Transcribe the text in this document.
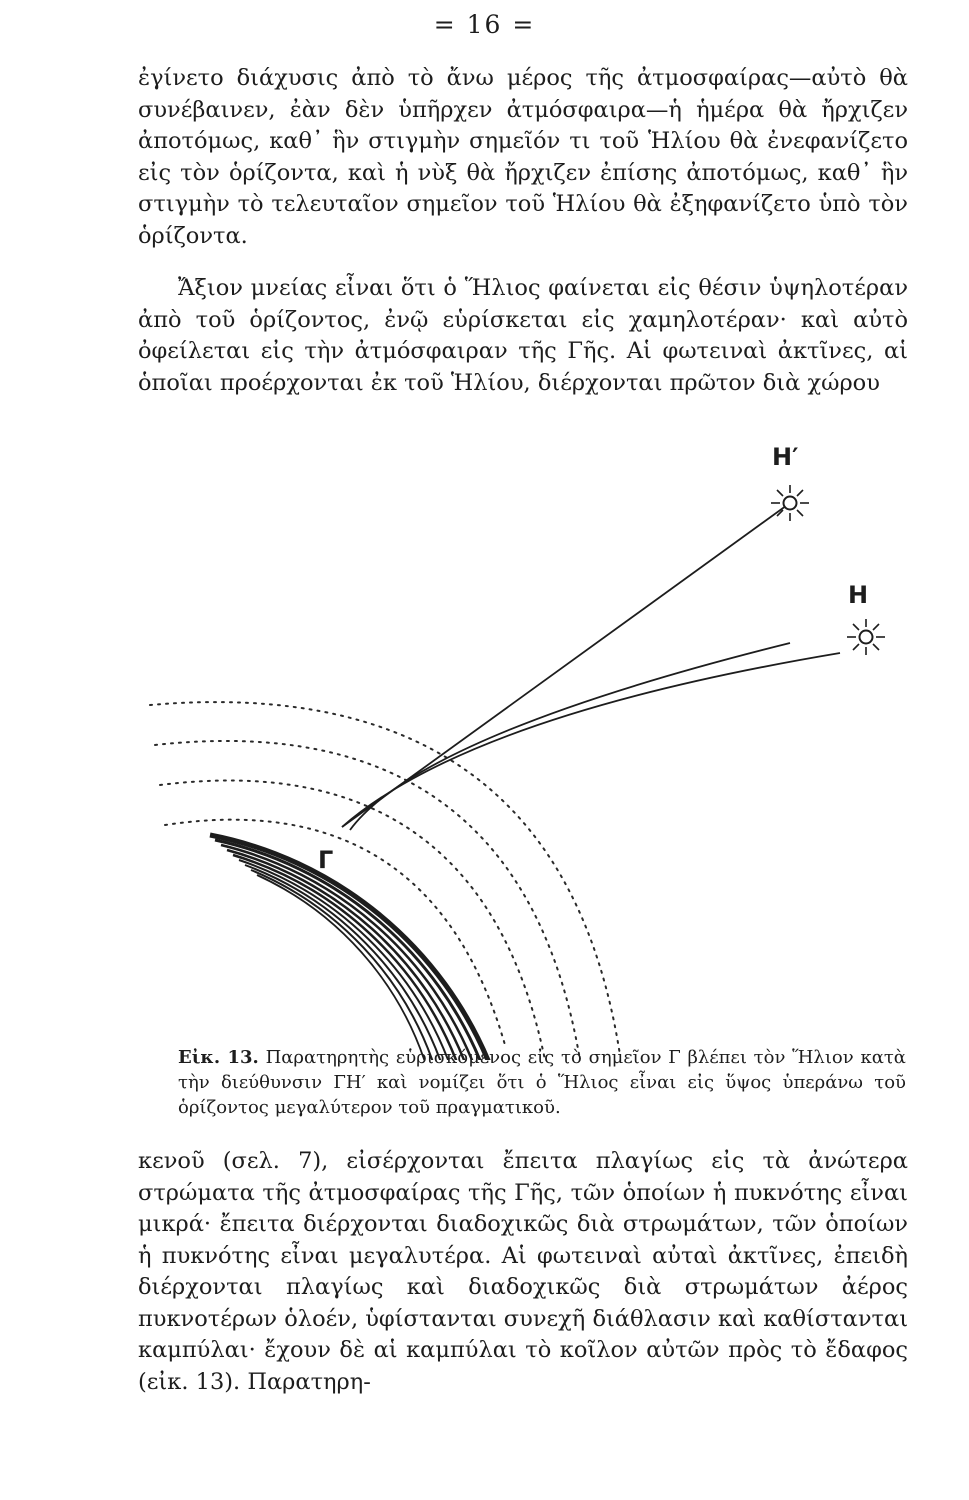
= 16 =

ἐγίνετο διάχυσις ἀπὸ τὸ ἄνω μέρος τῆς ἀτμοσφαίρας—αὐτὸ θὰ συνέβαινεν, ἐὰν δὲν ὑπῆρχεν ἀτμόσφαιρα—ἡ ἡμέρα θὰ ἤρχιζεν ἀποτόμως, καθ᾿ ἣν στιγμὴν σημεῖόν τι τοῦ Ἡλίου θὰ ἐνεφανίζετο εἰς τὸν ὁρίζοντα, καὶ ἡ νὺξ θὰ ἤρχιζεν ἐπίσης ἀποτόμως, καθ᾿ ἣν στιγμὴν τὸ τελευταῖον σημεῖον τοῦ Ἡλίου θὰ ἐξηφανίζετο ὑπὸ τὸν ὁρίζοντα.

Ἄξιον μνείας εἶναι ὅτι ὁ Ἥλιος φαίνεται εἰς θέσιν ὑψηλοτέραν ἀπὸ τοῦ ὁρίζοντος, ἐνῷ εὑρίσκεται εἰς χαμηλοτέραν· καὶ αὐτὸ ὀφείλεται εἰς τὴν ἀτμόσφαιραν τῆς Γῆς. Αἱ φωτειναὶ ἀκτῖνες, αἱ ὁποῖαι προέρχονται ἐκ τοῦ Ἡλίου, διέρχονται πρῶτον διὰ χώρου

Η′
Η
Γ

Εἰκ. 13. Παρατηρητὴς εὑρισκόμενος εἰς τὸ σημεῖον Γ βλέπει τὸν Ἥλιον κατὰ τὴν διεύθυνσιν ΓΗ′ καὶ νομίζει ὅτι ὁ Ἥλιος εἶναι εἰς ὕψος ὑπεράνω τοῦ ὁρίζοντος μεγαλύτερον τοῦ πραγματικοῦ.

κενοῦ (σελ. 7), εἰσέρχονται ἔπειτα πλαγίως εἰς τὰ ἀνώτερα στρώματα τῆς ἀτμοσφαίρας τῆς Γῆς, τῶν ὁποίων ἡ πυκνότης εἶναι μικρά· ἔπειτα διέρχονται διαδοχικῶς διὰ στρωμάτων, τῶν ὁποίων ἡ πυκνότης εἶναι μεγαλυτέρα. Αἱ φωτειναὶ αὐταὶ ἀκτῖνες, ἐπειδὴ διέρχονται πλαγίως καὶ διαδοχικῶς διὰ στρωμάτων ἀέρος πυκνοτέρων ὁλοέν, ὑφίστανται συνεχῆ διάθλασιν καὶ καθίστανται καμπύλαι· ἔχουν δὲ αἱ καμπύλαι τὸ κοῖλον αὐτῶν πρὸς τὸ ἔδαφος (εἰκ. 13). Παρατηρη-
